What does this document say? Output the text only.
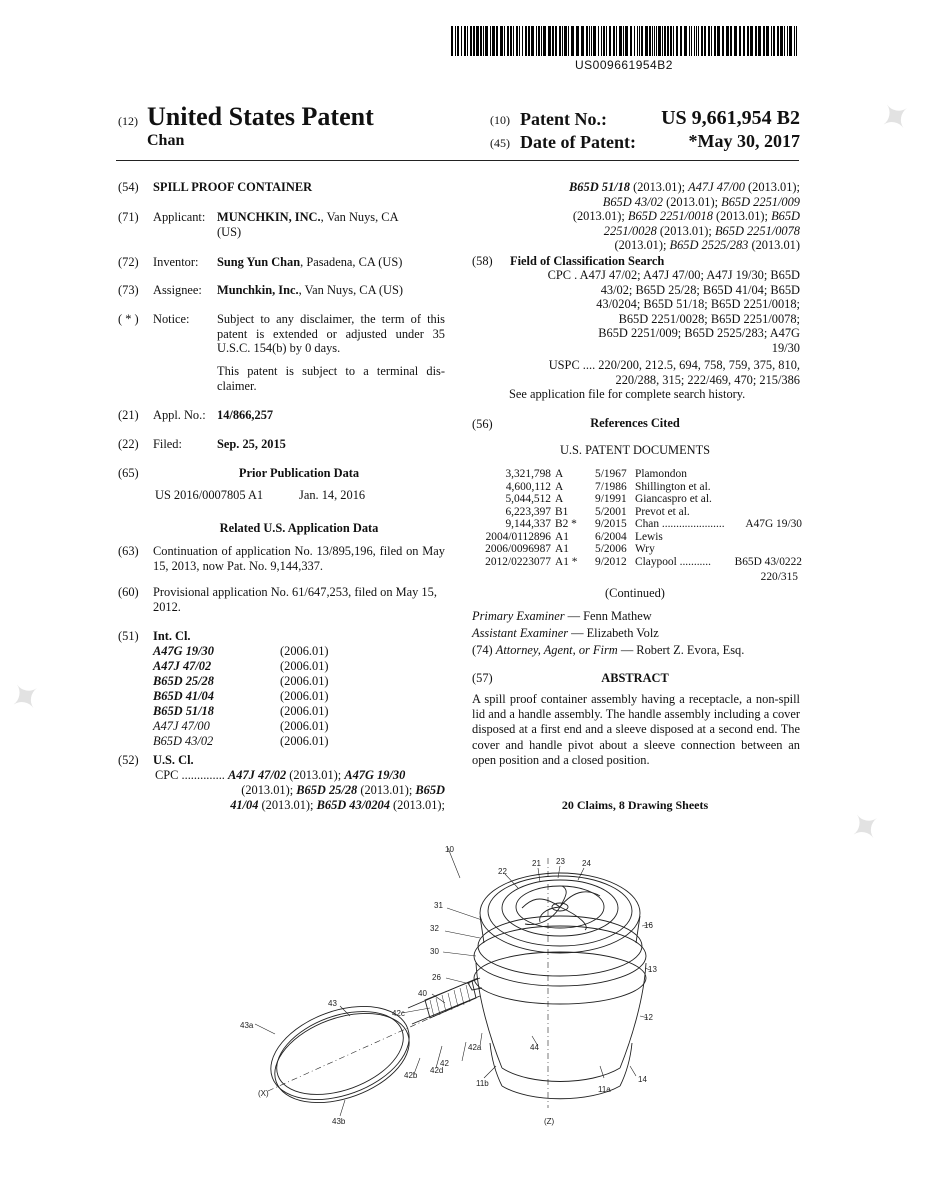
US009661954B2
(12) United States Patent
Chan
(10) Patent No.:	US 9,661,954 B2
(45) Date of Patent:	*May 30, 2017
(54) SPILL PROOF CONTAINER
(71) Applicant: MUNCHKIN, INC., Van Nuys, CA
(US)
(72) Inventor: Sung Yun Chan, Pasadena, CA (US)
(73) Assignee: Munchkin, Inc., Van Nuys, CA (US)
( * ) Notice: Subject to any disclaimer, the term of this patent is extended or adjusted under 35 U.S.C. 154(b) by 0 days.
This patent is subject to a terminal dis- claimer.
(21) Appl. No.: 14/866,257
(22) Filed:	Sep. 25, 2015
(65)	Prior Publication Data
US 2016/0007805 A1	Jan. 14, 2016
Related U.S. Application Data
(63) Continuation of application No. 13/895,196, filed on May 15, 2013, now Pat. No. 9,144,337.
(60) Provisional application No. 61/647,253, filed on May 15, 2012.
(51) Int. Cl.
A47G 19/30	(2006.01)
A47J 47/02	(2006.01)
B65D 25/28	(2006.01)
B65D 41/04	(2006.01)
B65D 51/18	(2006.01)
A47J 47/00	(2006.01)
B65D 43/02	(2006.01)
(52) U.S. Cl.
CPC .............. A47J 47/02 (2013.01); A47G 19/30
(2013.01); B65D 25/28 (2013.01); B65D
41/04 (2013.01); B65D 43/0204 (2013.01);
B65D 51/18 (2013.01); A47J 47/00 (2013.01);
B65D 43/02 (2013.01); B65D 2251/009
(2013.01); B65D 2251/0018 (2013.01); B65D
2251/0028 (2013.01); B65D 2251/0078
(2013.01); B65D 2525/283 (2013.01)
(58) Field of Classification Search
CPC . A47J 47/02; A47J 47/00; A47J 19/30; B65D
43/02; B65D 25/28; B65D 41/04; B65D
43/0204; B65D 51/18; B65D 2251/0018;
B65D 2251/0028; B65D 2251/0078;
B65D 2251/009; B65D 2525/283; A47G
19/30
USPC .... 220/200, 212.5, 694, 758, 759, 375, 810,
220/288, 315; 222/469, 470; 215/386
See application file for complete search history.
(56)	References Cited
U.S. PATENT DOCUMENTS
3,321,798	A	5/1967	Plamondon	
4,600,112	A	7/1986	Shillington et al.	
5,044,512	A	9/1991	Giancaspro et al.	
6,223,397	B1	5/2001	Prevot et al.	
9,144,337	B2 *	9/2015	Chan ......................	A47G 19/30
2004/0112896	A1	6/2004	Lewis	
2006/0096987	A1	5/2006	Wry	
2012/0223077	A1 *	9/2012	Claypool ...........	B65D 43/0222
220/315
(Continued)
Primary Examiner — Fenn Mathew
Assistant Examiner — Elizabeth Volz
(74) Attorney, Agent, or Firm — Robert Z. Evora, Esq.
(57)	ABSTRACT
A spill proof container assembly having a receptacle, a non-spill lid and a handle assembly. The handle assembly including a cover disposed at a first end and a sleeve disposed at a second end. The cover and handle pivot about a sleeve connection between an open position and a closed position.
20 Claims, 8 Drawing Sheets
10
22
21 23 24
31
16
32
30
13
26
40
43
42c	12
43a
44
42a
42
42d
42b
11b
11a
14
(X)
43b	(Z)
✦
✦
✦
